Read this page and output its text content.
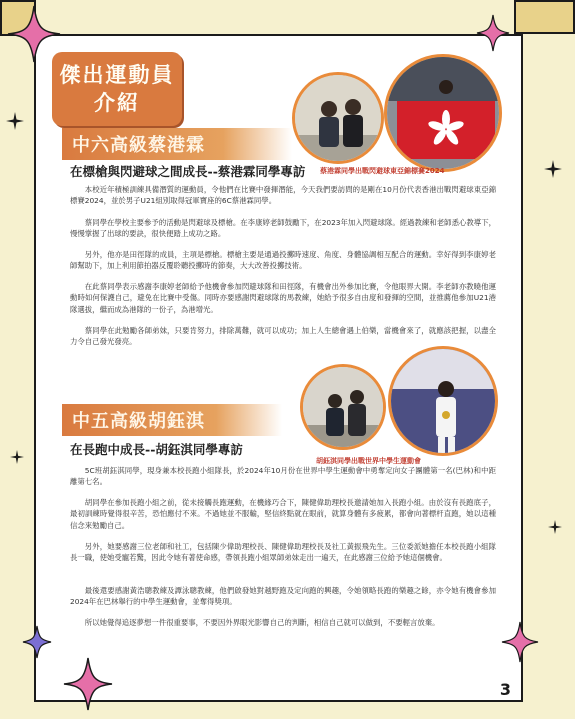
傑出運動員
介紹
蔡港霖同學出戰閃避球東亞錦標賽2024
中六高級蔡港霖
在標槍與閃避球之間成長--蔡港霖同學專訪

本校近年積極訓練具備潛質的運動員，令他們在比賽中發揮潛能，今天我們要訪問的是剛在10月份代表香港出戰閃避球東亞錦標賽2024，並於男子U21組別取得冠軍寶座的6C蔡港霖同學。

蔡同學在學校主要參予的活動是閃避球及標槍。在李康婷老師鼓勵下，在2023年加入閃避球隊。經過教練和老師悉心教導下，慢慢掌握了出球的要訣，很快便踏上成功之路。

另外，他亦是田徑隊的成員，主項是標槍。標槍主要是通過投擲時速度、角度、身體協調相互配合的運動。幸好得到李康婷老師幫助下，加上利用節拍器反覆聆聽投擲時的節奏，大大改善投擲技術。

在此蔡同學表示感謝李康婷老師給予他機會參加閃避球隊和田徑隊，有機會出外參加比賽，令他眼界大開。李老師亦教曉他運動時如何保護自己，避免在比賽中受傷。同時亦要感謝閃避球隊的馬教練，她給予很多自由度和發揮的空間，並推薦他參加U21港隊選拔，繼而成為港隊的一份子，為港增光。

蔡同學在此勉勵各師弟妹，只要肯努力，排除萬難，就可以成功；加上人生總會遇上伯樂，當機會來了，就應該把握，以盡全力令自己發光發亮。

胡鈺淇同學出戰世界中學生運動會
中五高級胡鈺淇
在長跑中成長--胡鈺淇同學專訪

5C班胡鈺淇同學，現身兼本校長跑小組隊長，於2024年10月份在世界中學生運動會中勇奪定向女子團體第一名(巴林)和中距離第七名。

胡同學在參加長跑小組之前，從未接觸長跑運動，在機緣巧合下，陳健偉助理校長邀請她加入長跑小組。由於沒有長跑底子，最初訓練時覺得很辛苦，恐怕應付不來。不過她並不服輸，堅信終點就在眼前，就算身體有多疲累，都會向著標杆直跑，她以這種信念來勉勵自己。

另外，她要感謝三位老師和社工，包括陳少偉助理校長、陳健偉助理校長及社工黃振飛先生。三位委派她擔任本校長跑小組隊長一職，使她受寵若驚，因此令她有著使命感，帶領長跑小組眾師弟妹走出一遍天，在此感謝三位給予她這個機會。

最後還要感謝黃浩聰教練及譚泳聰教練，他們啟發她對越野跑及定向跑的興趣，令她領略長跑的樂趣之餘，亦令她有機會參加2024年在巴林舉行的中學生運動會，並奪得獎項。

所以她覺得追逐夢想一件很重要事，不要因外界眼光影響自己的判斷，相信自己就可以做到，不要輕言放棄。

3
